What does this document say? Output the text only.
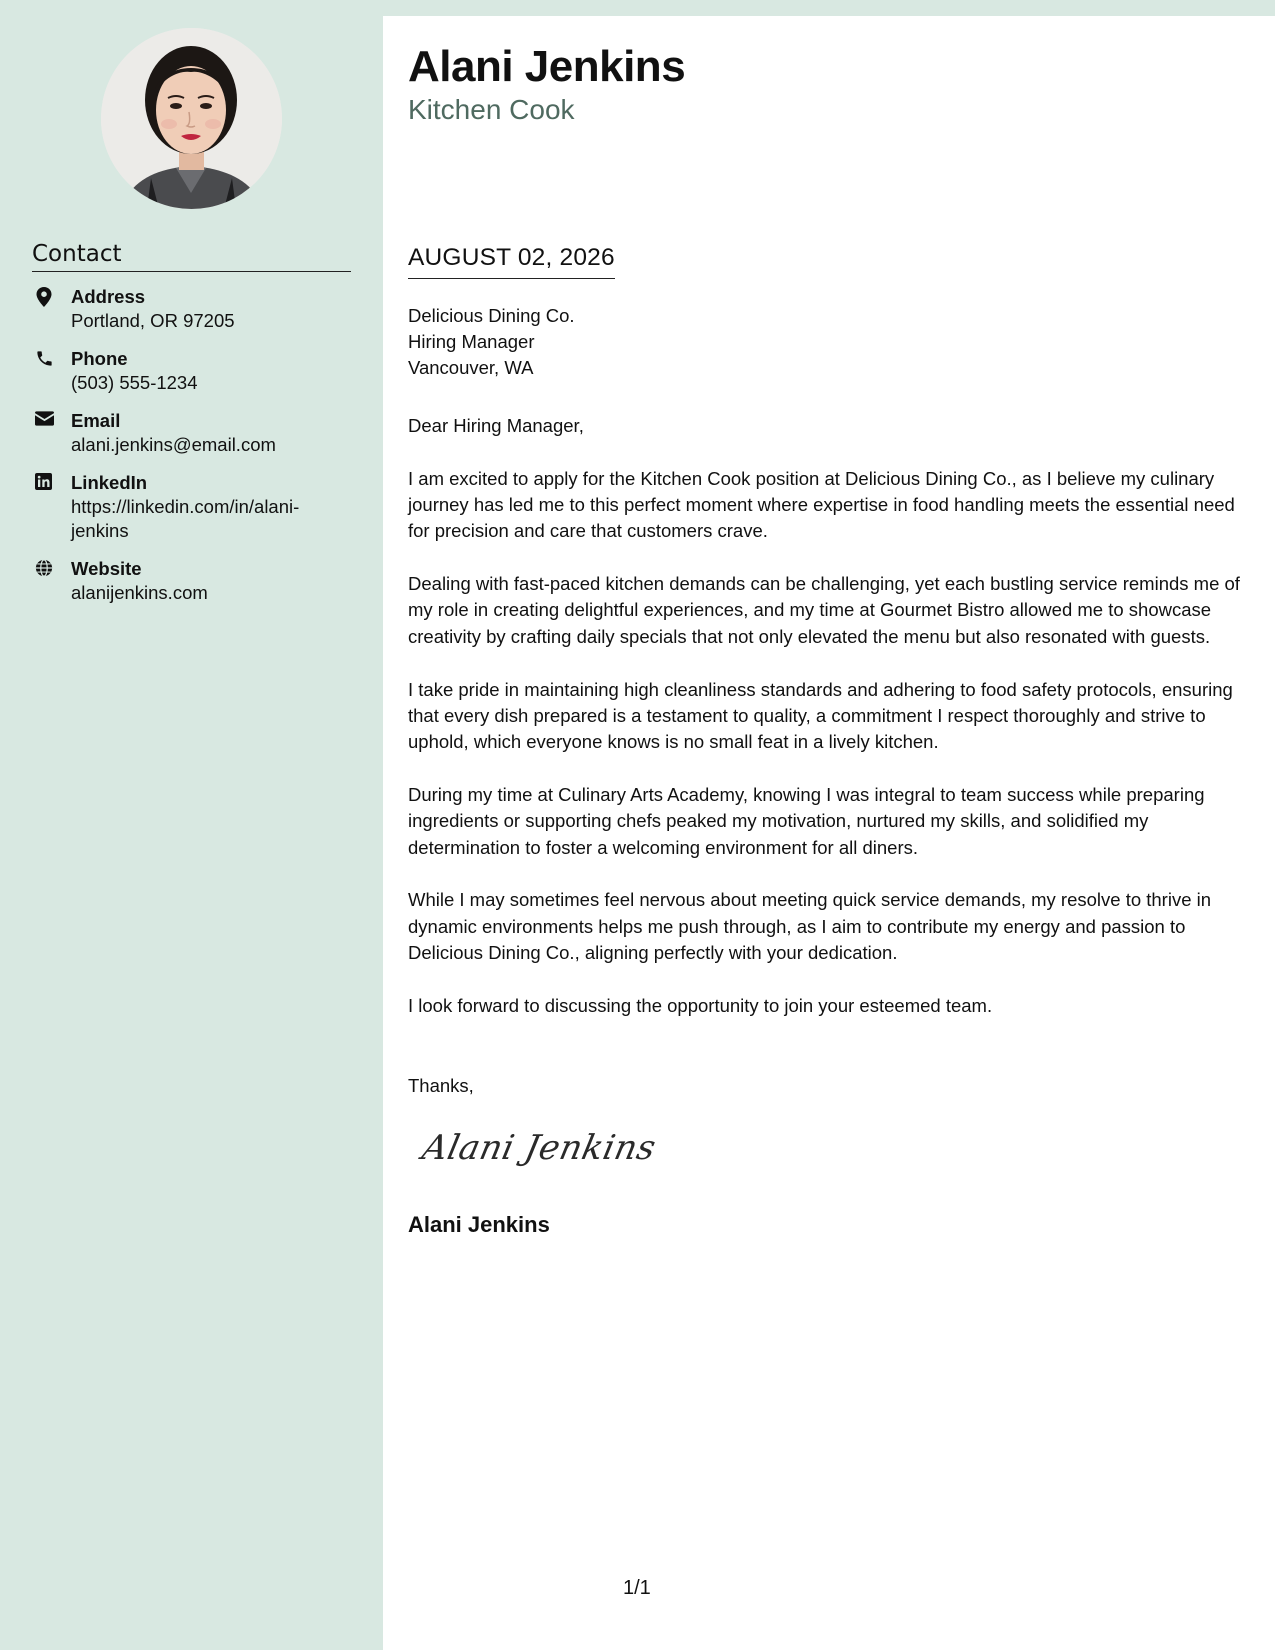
Contact
Address
Portland, OR 97205
Phone
(503) 555-1234
Email
alani.jenkins@email.com
LinkedIn
https://linkedin.com/in/alani-jenkins
Website
alanijenkins.com
Alani Jenkins
Kitchen Cook
AUGUST 02, 2026
Delicious Dining Co.
Hiring Manager
Vancouver, WA

Dear Hiring Manager,

I am excited to apply for the Kitchen Cook position at Delicious Dining Co., as I believe my culinary journey has led me to this perfect moment where expertise in food handling meets the essential need for precision and care that customers crave.

Dealing with fast-paced kitchen demands can be challenging, yet each bustling service reminds me of my role in creating delightful experiences, and my time at Gourmet Bistro allowed me to showcase creativity by crafting daily specials that not only elevated the menu but also resonated with guests.

I take pride in maintaining high cleanliness standards and adhering to food safety protocols, ensuring that every dish prepared is a testament to quality, a commitment I respect thoroughly and strive to uphold, which everyone knows is no small feat in a lively kitchen.

During my time at Culinary Arts Academy, knowing I was integral to team success while preparing ingredients or supporting chefs peaked my motivation, nurtured my skills, and solidified my determination to foster a welcoming environment for all diners.

While I may sometimes feel nervous about meeting quick service demands, my resolve to thrive in dynamic environments helps me push through, as I aim to contribute my energy and passion to Delicious Dining Co., aligning perfectly with your dedication.

I look forward to discussing the opportunity to join your esteemed team.

Thanks,
Alani Jenkins
Alani Jenkins
1/1
